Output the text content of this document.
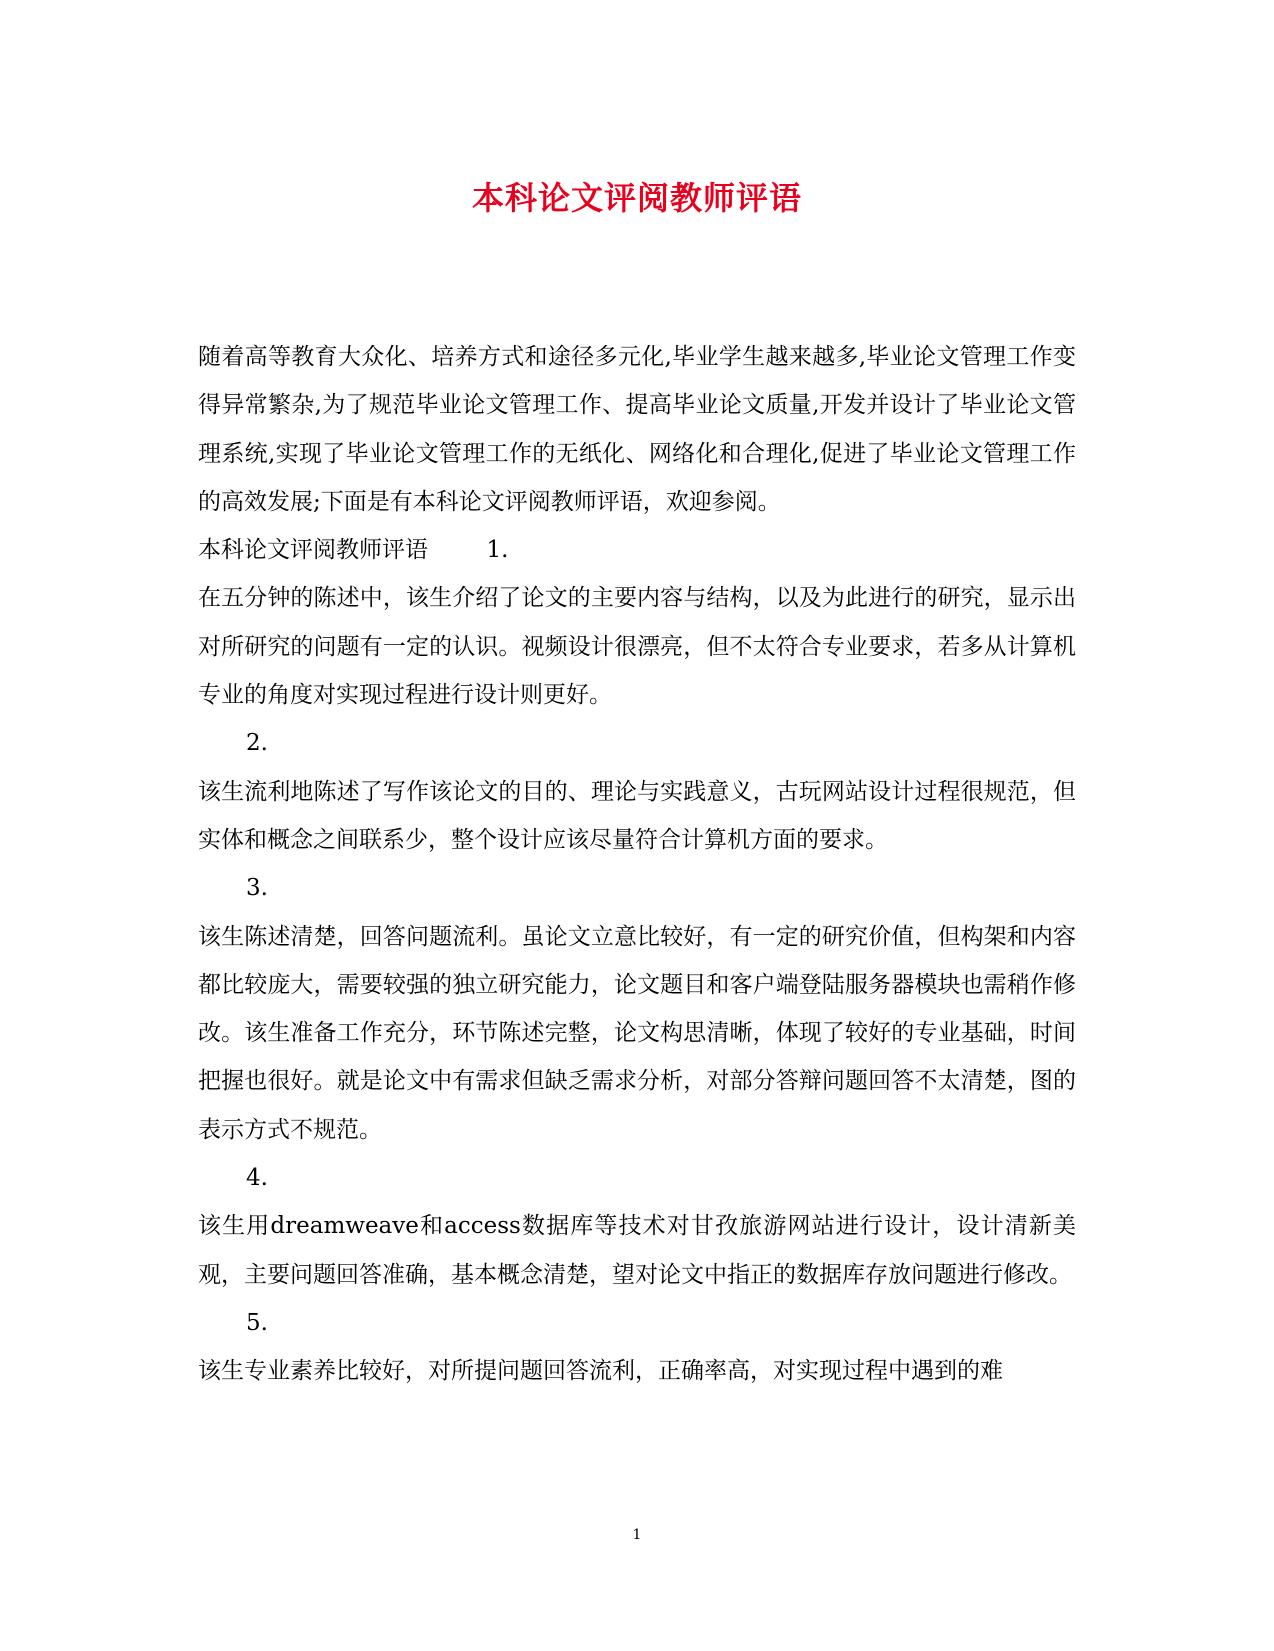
本科论文评阅教师评语

随着高等教育大众化、培养方式和途径多元化,毕业学生越来越多,毕业论文管理工作变得异常繁杂,为了规范毕业论文管理工作、提高毕业论文质量,开发并设计了毕业论文管理系统,实现了毕业论文管理工作的无纸化、网络化和合理化,促进了毕业论文管理工作的高效发展;下面是有本科论文评阅教师评语，欢迎参阅。

本科论文评阅教师评语	1.

在五分钟的陈述中，该生介绍了论文的主要内容与结构，以及为此进行的研究，显示出对所研究的问题有一定的认识。视频设计很漂亮，但不太符合专业要求，若多从计算机专业的角度对实现过程进行设计则更好。

2.

该生流利地陈述了写作该论文的目的、理论与实践意义，古玩网站设计过程很规范，但实体和概念之间联系少，整个设计应该尽量符合计算机方面的要求。

3.

该生陈述清楚，回答问题流利。虽论文立意比较好，有一定的研究价值，但构架和内容都比较庞大，需要较强的独立研究能力，论文题目和客户端登陆服务器模块也需稍作修改。该生准备工作充分，环节陈述完整，论文构思清晰，体现了较好的专业基础，时间把握也很好。就是论文中有需求但缺乏需求分析，对部分答辩问题回答不太清楚，图的表示方式不规范。

4.

该生用dreamweave和access数据库等技术对甘孜旅游网站进行设计，设计清新美观，主要问题回答准确，基本概念清楚，望对论文中指正的数据库存放问题进行修改。

5.

该生专业素养比较好，对所提问题回答流利，正确率高，对实现过程中遇到的难

1
